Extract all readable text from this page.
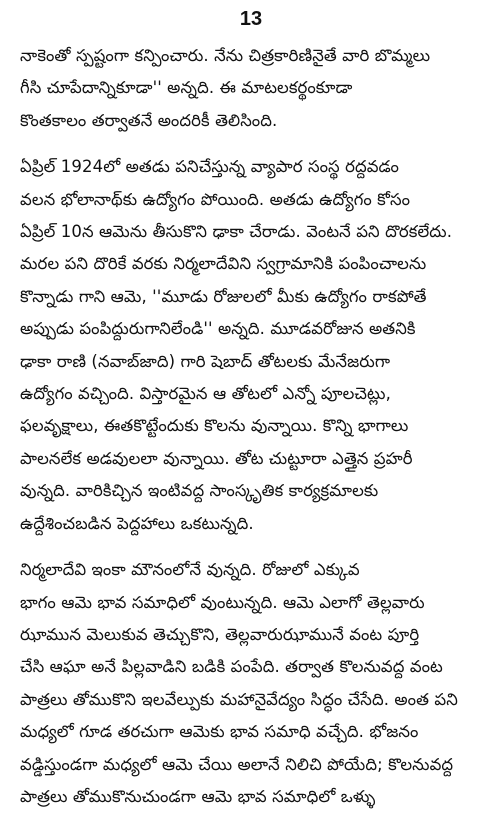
13
నాకెంతో స్పష్టంగా కన్పించారు. నేను చిత్రకారిణినైతే వారి బొమ్మలు
గీసి చూపేదాన్నికూడా'' అన్నది. ఈ మాటలకర్థంకూడా
కొంతకాలం తర్వాతనే అందరికీ తెలిసింది.
ఏప్రిల్ 1924లో అతడు పనిచేస్తున్న వ్యాపార సంస్థ రద్దవడం
వలన భోలానాథ్‌కు ఉద్యోగం పోయింది. అతడు ఉద్యోగం కోసం
ఏప్రిల్ 10న ఆమెను తీసుకొని ఢాకా చేరాడు. వెంటనే పని దొరకలేదు.
మరల పని దొరికే వరకు నిర్మలాదేవిని స్వగ్రామానికి పంపించాలను
కొన్నాడు గాని ఆమె, ''మూడు రోజులలో మీకు ఉద్యోగం రాకపోతే
అప్పుడు పంపిద్దురుగానిలేండి'' అన్నది. మూడవరోజున అతనికి
ఢాకా రాణి (నవాబ్‌జాది) గారి షెబాద్ తోటలకు మేనేజరుగా
ఉద్యోగం వచ్చింది. విస్తారమైన ఆ తోటలో ఎన్నో పూలచెట్లు,
ఫలవృక్షాలు, ఈతకొట్టేందుకు కొలను వున్నాయి. కొన్ని భాగాలు
పాలనలేక అడవులలా వున్నాయి. తోట చుట్టూరా ఎత్తైన ప్రహరీ
వున్నది. వారికిచ్చిన ఇంటివద్ద సాంస్కృతిక కార్యక్రమాలకు
ఉద్దేశించబడిన పెద్దహాలు ఒకటున్నది.
నిర్మలాదేవి ఇంకా మౌనంలోనే వున్నది. రోజులో ఎక్కువ
భాగం ఆమె భావ సమాధిలో వుంటున్నది. ఆమె ఎలాగో తెల్లవారు
ఝామున మెలుకువ తెచ్చుకొని, తెల్లవారుఝామునే వంట పూర్తి
చేసి ఆఘా అనే పిల్లవాడిని బడికి పంపేది. తర్వాత కొలనువద్ద వంట
పాత్రలు తోముకొని ఇలవేల్పుకు మహానైవేద్యం సిద్ధం చేసేది. అంత పని
మధ్యలో గూడ తరచుగా ఆమెకు భావ సమాధి వచ్చేది. భోజనం
వడ్డిస్తుండగా మధ్యలో ఆమె చేయి అలానే నిలిచి పోయేది; కొలనువద్ద
పాత్రలు తోముకొనుచుండగా ఆమె భావ సమాధిలో ఒళ్ళు
